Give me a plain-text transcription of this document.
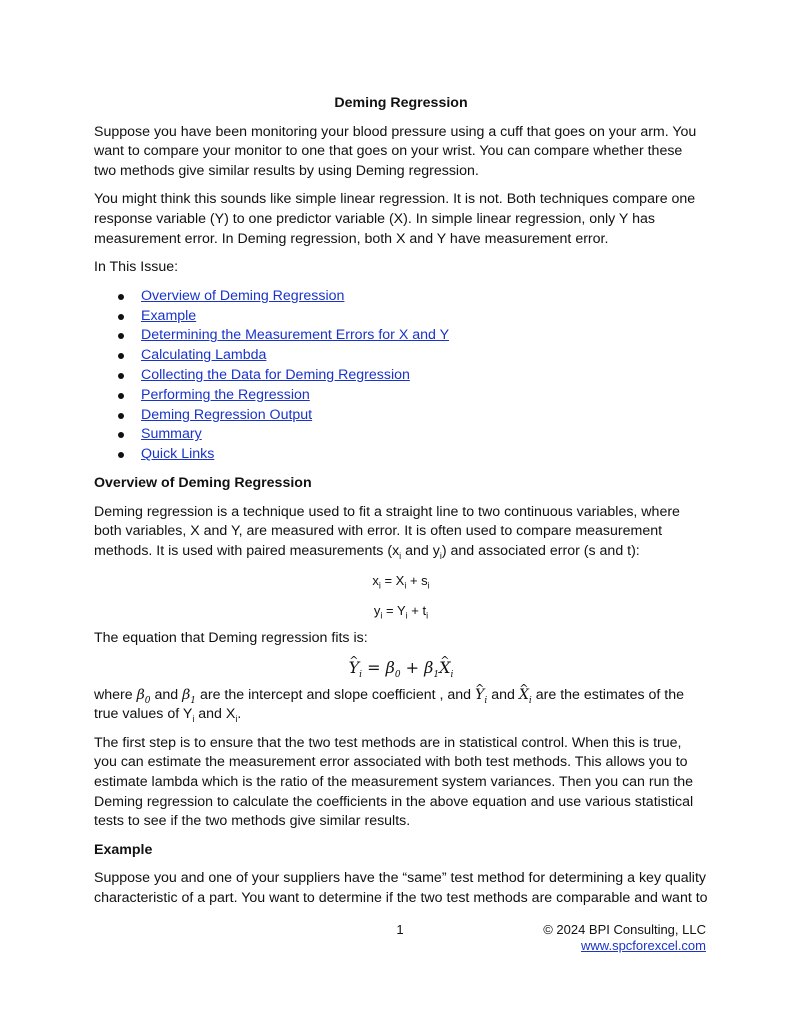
Deming Regression

Suppose you have been monitoring your blood pressure using a cuff that goes on your arm. You want to compare your monitor to one that goes on your wrist. You can compare whether these two methods give similar results by using Deming regression.

You might think this sounds like simple linear regression. It is not. Both techniques compare one response variable (Y) to one predictor variable (X). In simple linear regression, only Y has measurement error. In Deming regression, both X and Y have measurement error.

In This Issue:

Overview of Deming Regression
Example
Determining the Measurement Errors for X and Y
Calculating Lambda
Collecting the Data for Deming Regression
Performing the Regression
Deming Regression Output
Summary
Quick Links
Overview of Deming Regression

Deming regression is a technique used to fit a straight line to two continuous variables, where both variables, X and Y, are measured with error. It is often used to compare measurement methods. It is used with paired measurements ($x_i$ and $y_i$) and associated error (s and t):

$x_i = X_i + s_i$

$y_i = Y_i + t_i$

The equation that Deming regression fits is:

^ $Y_i = \beta_0$ + $\beta_1\^{}$ $X_i$

where $\beta_0$ and $\beta_1$ are the intercept and slope coefficient , and ^ $Y_i$ and ^ $X_i$ are the estimates of the true values of $Y_i$ and $X_i$.

The first step is to ensure that the two test methods are in statistical control. When this is true, you can estimate the measurement error associated with both test methods. This allows you to estimate lambda which is the ratio of the measurement system variances. Then you can run the Deming regression to calculate the coefficients in the above equation and use various statistical tests to see if the two methods give similar results.

Example

Suppose you and one of your suppliers have the “same” test method for determining a key quality characteristic of a part. You want to determine if the two test methods are comparable and want to

1	© 2024 BPI Consulting, LLC
www.spcforexcel.com
